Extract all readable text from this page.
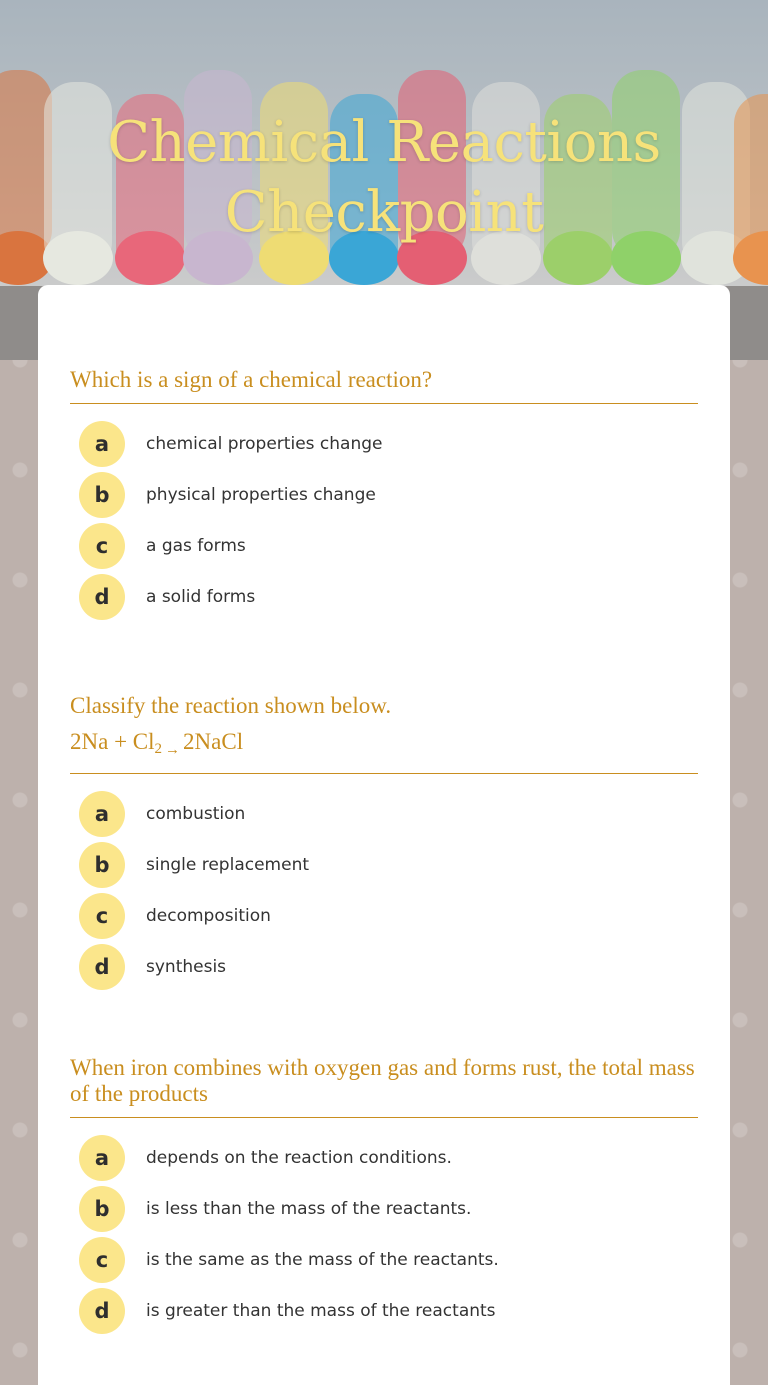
Chemical Reactions
Checkpoint
Which is a sign of a chemical reaction?
a	chemical properties change
b	physical properties change
c	a gas forms
d	a solid forms
Classify the reaction shown below.
$2Na + Cl_2$ $_\to$ 2NaCl
a	combustion
b	single replacement
c	decomposition
d	synthesis
When iron combines with oxygen gas and forms rust, the total mass of the products
a	depends on the reaction conditions.
b	is less than the mass of the reactants.
c	is the same as the mass of the reactants.
d	is greater than the mass of the reactants
